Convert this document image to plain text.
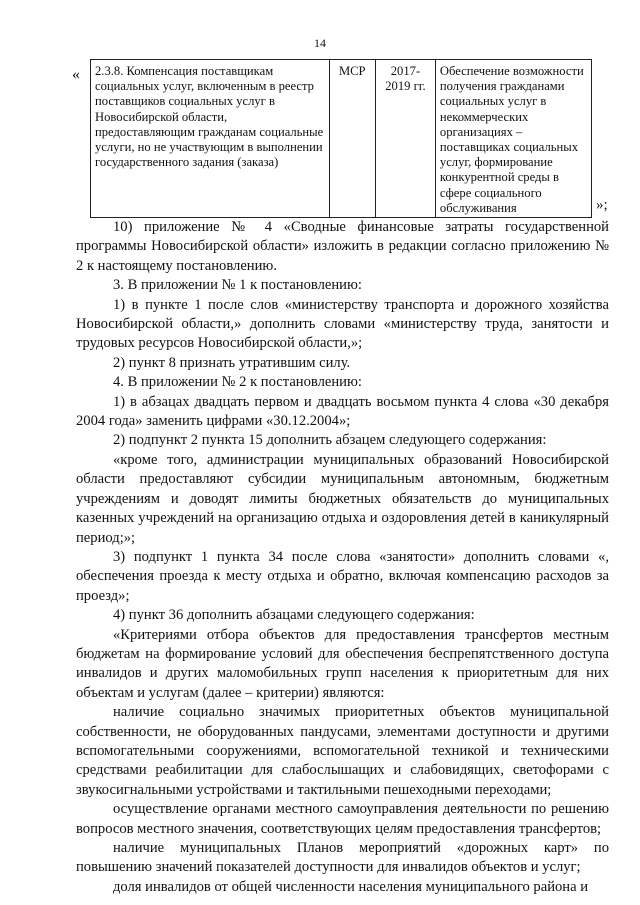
14
« 2.3.8. Компенсация поставщикам социальных услуг, включенным в реестр поставщиков социальных услуг в Новосибирской области, предоставляющим гражданам социальные услуги, но не участвующим в выполнении государственного задания (заказа)	МСР	2017-2019 гг.	Обеспечение возможности получения гражданами социальных услуг в некоммерческих организациях – поставщиках социальных услуг, формирование конкурентной среды в сфере социального обслуживания	»;

10) приложение № 4 «Сводные финансовые затраты государственной программы Новосибирской области» изложить в редакции согласно приложению № 2 к настоящему постановлению.

3. В приложении № 1 к постановлению:

1) в пункте 1 после слов «министерству транспорта и дорожного хозяйства Новосибирской области,» дополнить словами «министерству труда, занятости и трудовых ресурсов Новосибирской области,»;

2) пункт 8 признать утратившим силу.

4. В приложении № 2 к постановлению:

1) в абзацах двадцать первом и двадцать восьмом пункта 4 слова «30 декабря 2004 года» заменить цифрами «30.12.2004»;

2) подпункт 2 пункта 15 дополнить абзацем следующего содержания:

«кроме того, администрации муниципальных образований Новосибирской области предоставляют субсидии муниципальным автономным, бюджетным учреждениям и доводят лимиты бюджетных обязательств до муниципальных казенных учреждений на организацию отдыха и оздоровления детей в каникулярный период;»;

3) подпункт 1 пункта 34 после слова «занятости» дополнить словами «, обеспечения проезда к месту отдыха и обратно, включая компенсацию расходов за проезд»;

4) пункт 36 дополнить абзацами следующего содержания:

«Критериями отбора объектов для предоставления трансфертов местным бюджетам на формирование условий для обеспечения беспрепятственного доступа инвалидов и других маломобильных групп населения к приоритетным для них объектам и услугам (далее – критерии) являются:

наличие социально значимых приоритетных объектов муниципальной собственности, не оборудованных пандусами, элементами доступности и другими вспомогательными сооружениями, вспомогательной техникой и техническими средствами реабилитации для слабослышащих и слабовидящих, светофорами с звукосигнальными устройствами и тактильными пешеходными переходами;

осуществление органами местного самоуправления деятельности по решению вопросов местного значения, соответствующих целям предоставления трансфертов;

наличие муниципальных Планов мероприятий «дорожных карт» по повышению значений показателей доступности для инвалидов объектов и услуг;

доля инвалидов от общей численности населения муниципального района и
